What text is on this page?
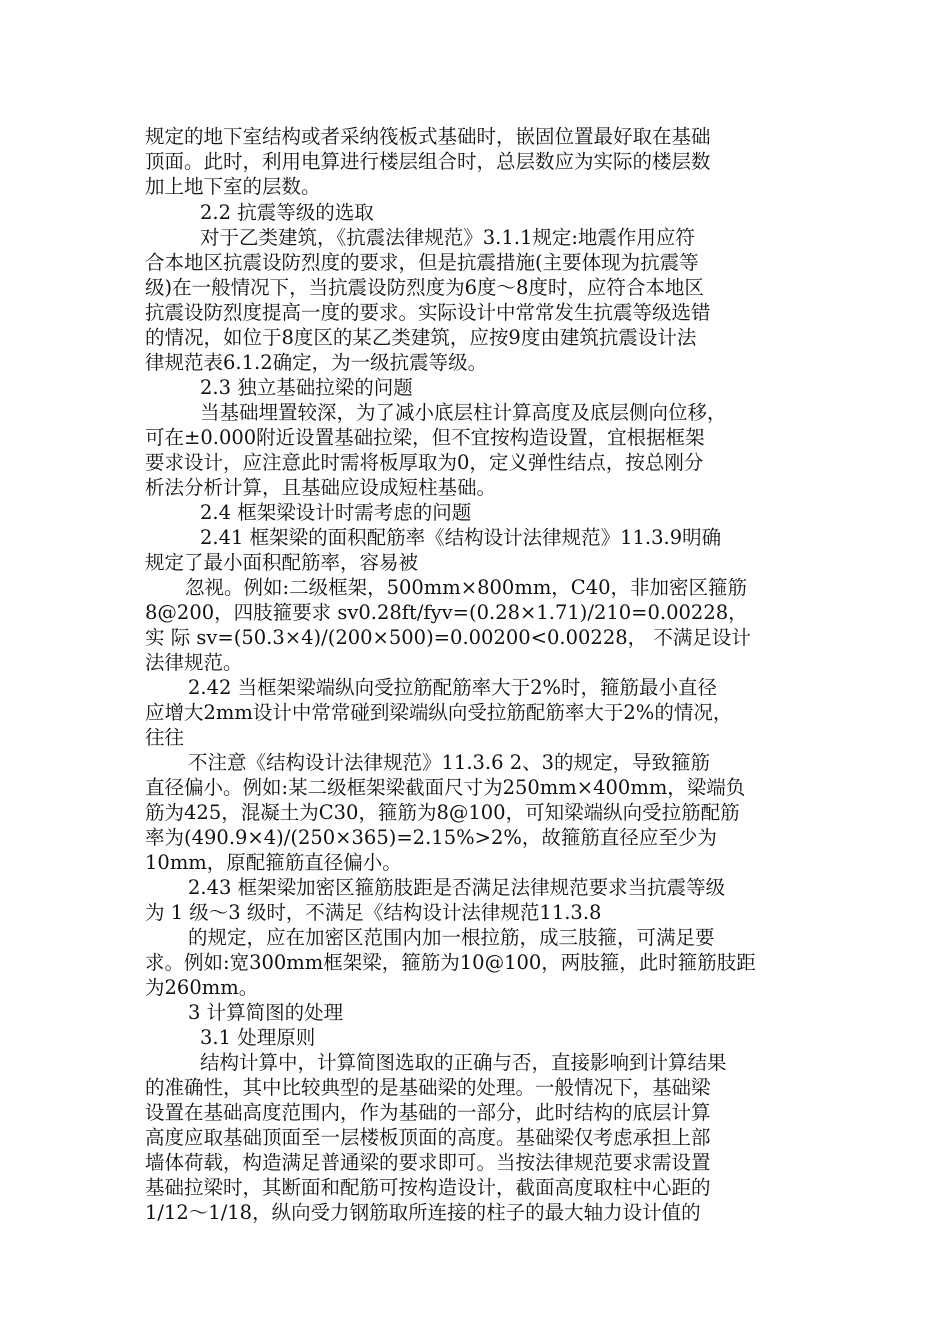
规定的地下室结构或者采纳筏板式基础时，嵌固位置最好取在基础
顶面。此时，利用电算进行楼层组合时，总层数应为实际的楼层数
加上地下室的层数。
2.2 抗震等级的选取
对于乙类建筑，《抗震法律规范》3.1.1规定:地震作用应符
合本地区抗震设防烈度的要求，但是抗震措施(主要体现为抗震等
级)在一般情况下，当抗震设防烈度为6度～8度时，应符合本地区
抗震设防烈度提高一度的要求。实际设计中常常发生抗震等级选错
的情况，如位于8度区的某乙类建筑，应按9度由建筑抗震设计法
律规范表6.1.2确定，为一级抗震等级。
2.3 独立基础拉梁的问题
当基础埋置较深，为了减小底层柱计算高度及底层侧向位移，
可在±0.000附近设置基础拉梁，但不宜按构造设置，宜根据框架
要求设计，应注意此时需将板厚取为0，定义弹性结点，按总刚分
析法分析计算，且基础应设成短柱基础。
2.4 框架梁设计时需考虑的问题
2.41 框架梁的面积配筋率《结构设计法律规范》11.3.9明确
规定了最小面积配筋率，容易被
忽视。例如:二级框架，500mm×800mm，C40，非加密区箍筋
8@200，四肢箍要求 sv0.28ft/fyv=(0.28×1.71)/210=0.00228，
实 际 sv=(50.3×4)/(200×500)=0.00200<0.00228， 不满足设计
法律规范。
2.42 当框架梁端纵向受拉筋配筋率大于2%时，箍筋最小直径
应增大2mm设计中常常碰到梁端纵向受拉筋配筋率大于2%的情况，
往往
不注意《结构设计法律规范》11.3.6 2、3的规定，导致箍筋
直径偏小。例如:某二级框架梁截面尺寸为250mm×400mm，梁端负
筋为425，混凝土为C30，箍筋为8@100，可知梁端纵向受拉筋配筋
率为(490.9×4)/(250×365)=2.15%>2%，故箍筋直径应至少为
10mm，原配箍筋直径偏小。
2.43 框架梁加密区箍筋肢距是否满足法律规范要求当抗震等级
为 1 级～3 级时，不满足《结构设计法律规范11.3.8
的规定，应在加密区范围内加一根拉筋，成三肢箍，可满足要
求。例如:宽300mm框架梁，箍筋为10@100，两肢箍，此时箍筋肢距
为260mm。
3 计算简图的处理
3.1 处理原则
结构计算中，计算简图选取的正确与否，直接影响到计算结果
的准确性，其中比较典型的是基础梁的处理。一般情况下，基础梁
设置在基础高度范围内，作为基础的一部分，此时结构的底层计算
高度应取基础顶面至一层楼板顶面的高度。基础梁仅考虑承担上部
墙体荷载，构造满足普通梁的要求即可。当按法律规范要求需设置
基础拉梁时，其断面和配筋可按构造设计，截面高度取柱中心距的
1/12～1/18，纵向受力钢筋取所连接的柱子的最大轴力设计值的
